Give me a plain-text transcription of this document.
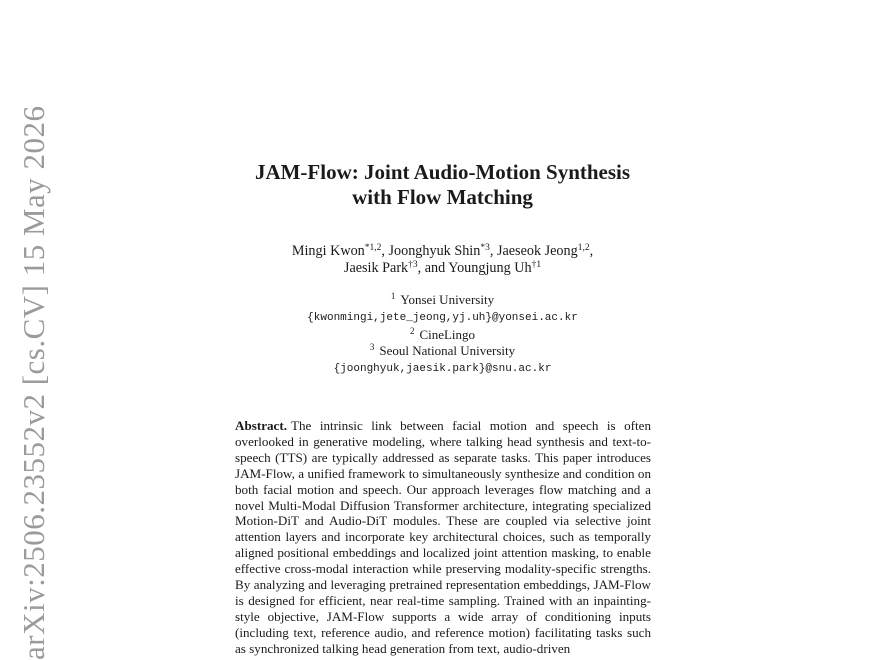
arXiv:2506.23552v2 [cs.CV] 15 May 2026	JAM-Flow: Joint Audio-Motion Synthesis
with Flow Matching
Mingi Kwon$^{*1,2}$, Joonghyuk Shin$^{*3}$, Jaeseok Jeong$^{1,2}$,
Jaesik Park$^{\dagger 3}$, and Youngjung Uh$^{\dagger 1}$
$^1$ Yonsei University
{kwonmingi,jete_jeong,yj.uh}@yonsei.ac.kr
$^2$ CineLingo
$^3$ Seoul National University
{joonghyuk,jaesik.park}@snu.ac.kr
Abstract. The intrinsic link between facial motion and speech is often overlooked in generative modeling, where talking head synthesis and text-to-speech (TTS) are typically addressed as separate tasks. This paper introduces JAM-Flow, a unified framework to simultaneously synthesize and condition on both facial motion and speech. Our approach leverages flow matching and a novel Multi-Modal Diffusion Transformer architecture, integrating specialized Motion-DiT and Audio-DiT modules. These are coupled via selective joint attention layers and incorporate key architectural choices, such as temporally aligned positional embeddings and localized joint attention masking, to enable effective cross-modal interaction while preserving modality-specific strengths. By analyzing and leveraging pretrained representation embeddings, JAM-Flow is designed for efficient, near real-time sampling. Trained with an inpainting-style objective, JAM-Flow supports a wide array of conditioning inputs (including text, reference audio, and reference motion) facilitating tasks such as synchronized talking head generation from text, audio-driven
